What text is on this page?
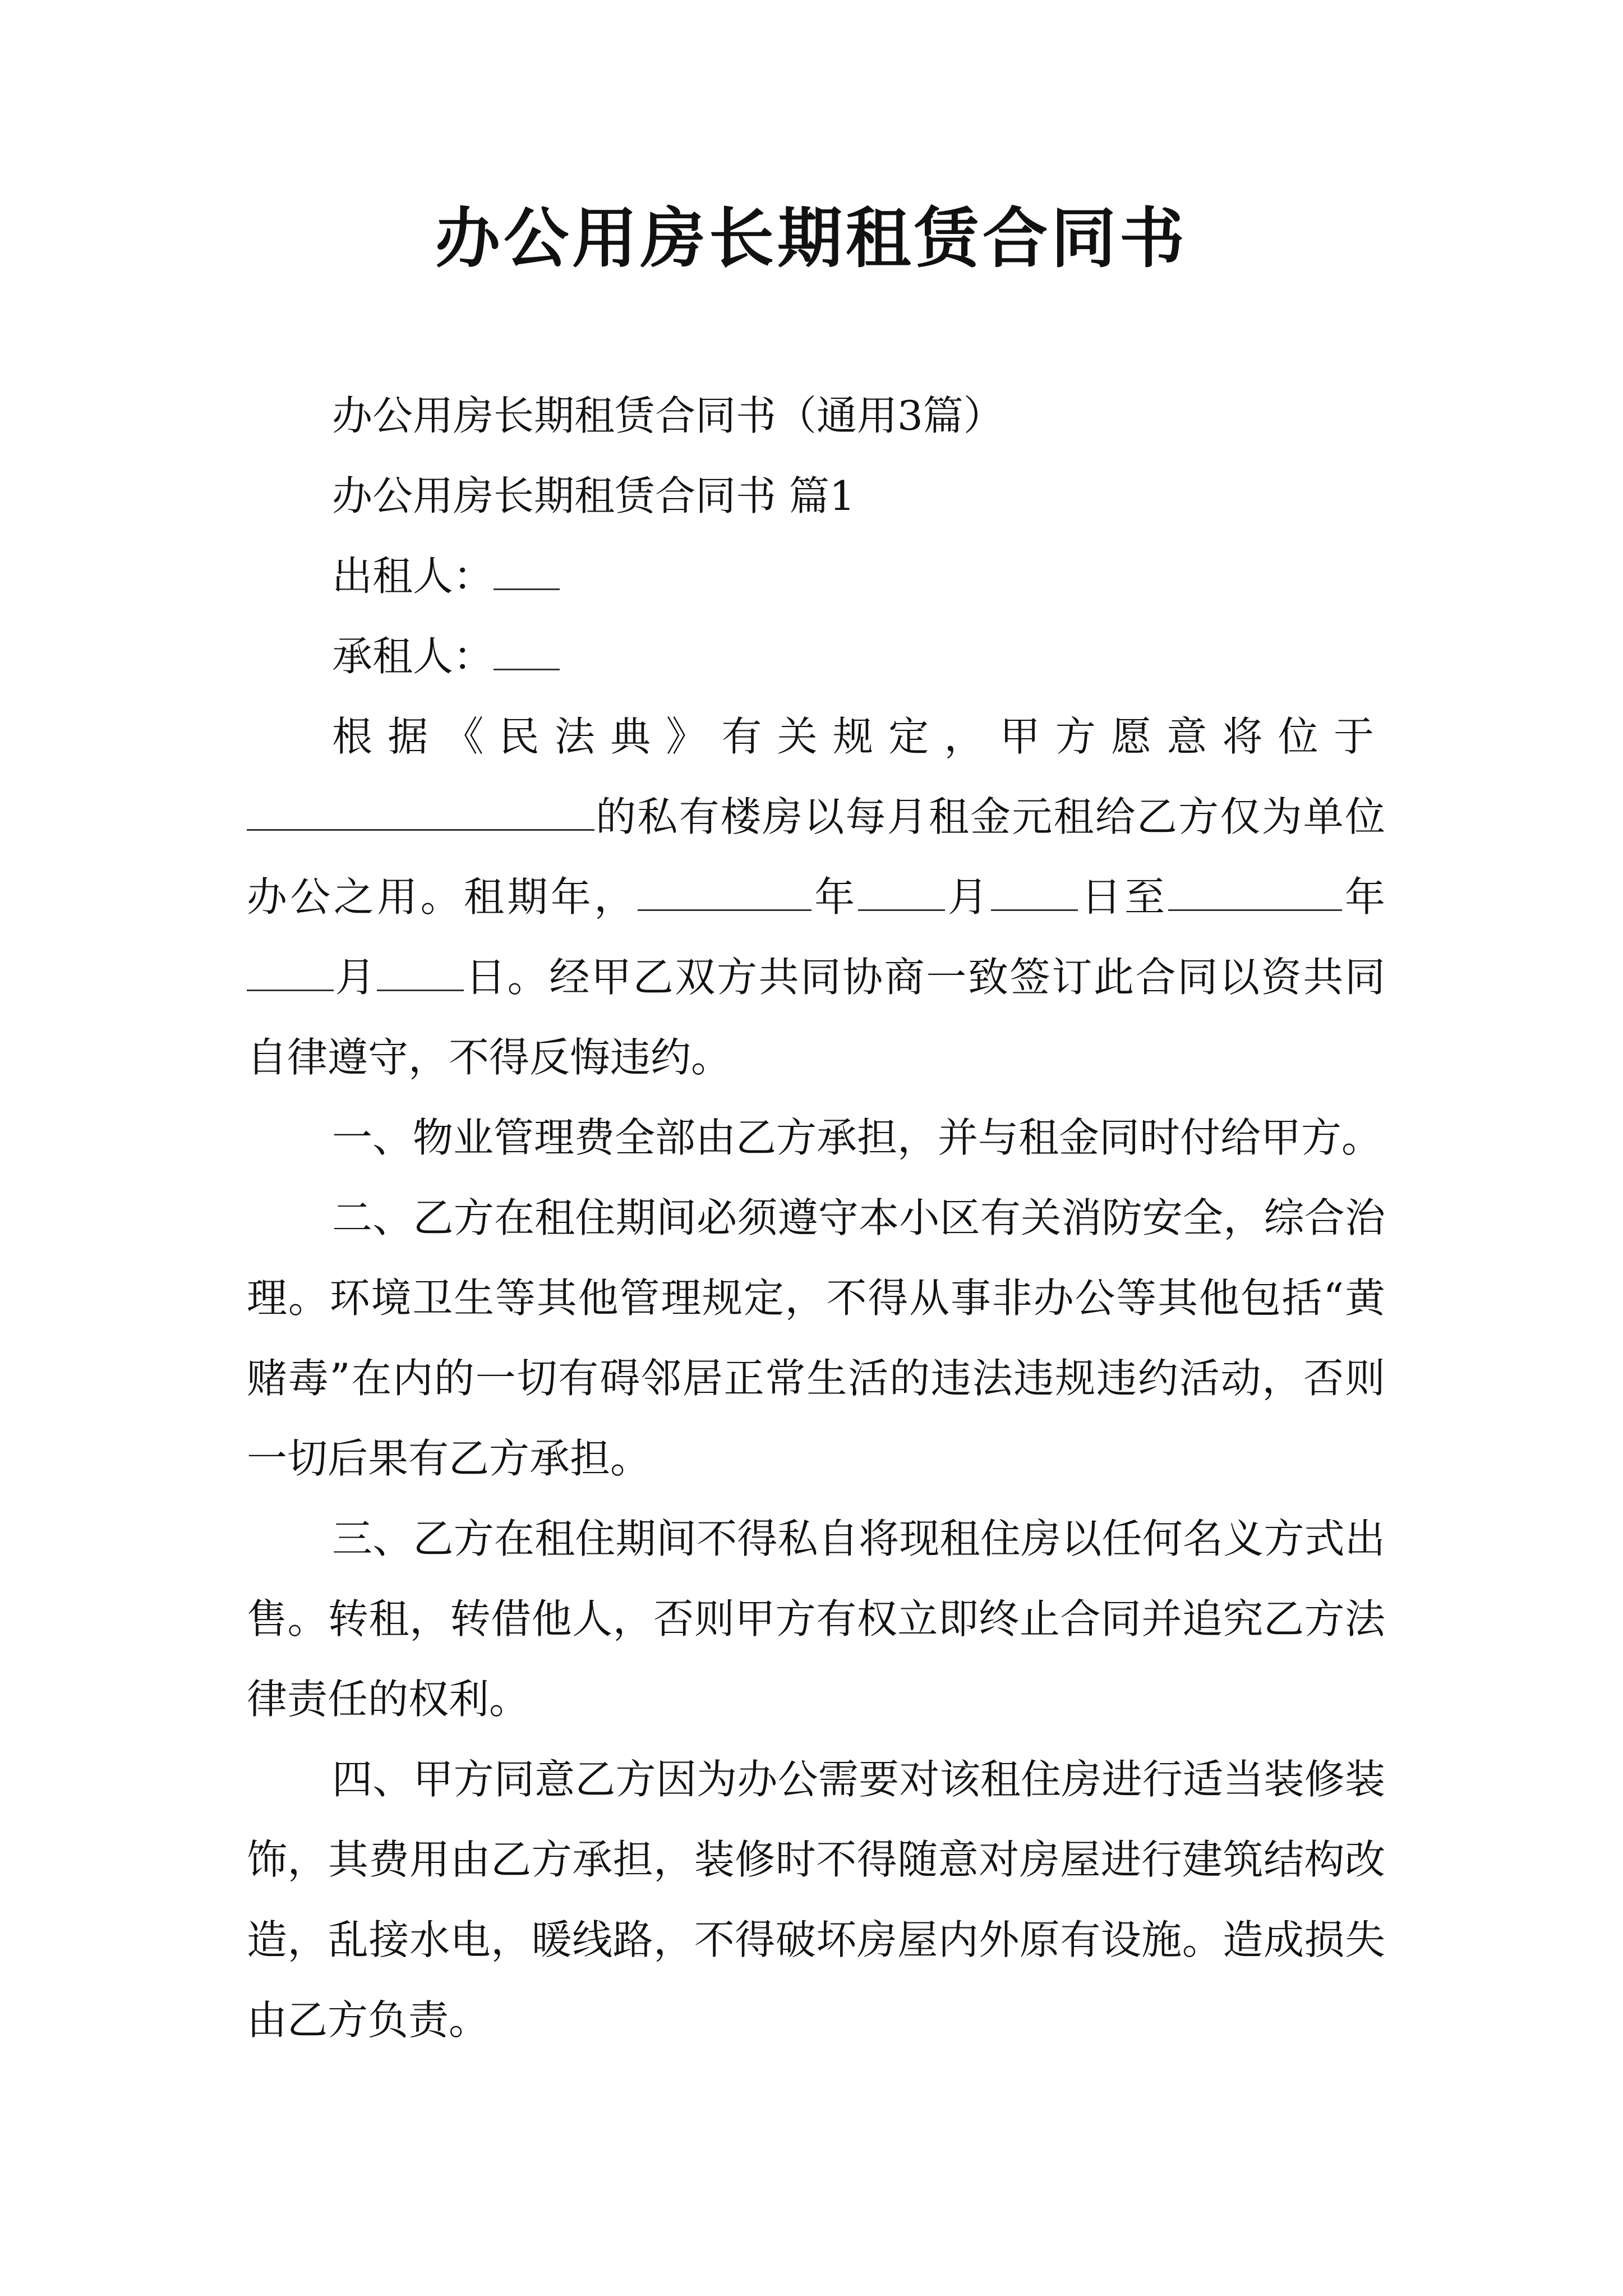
办公用房长期租赁合同书

办公用房长期租赁合同书（通用3篇）

办公用房长期租赁合同书 篇1

出租人：

承租人：

根据《民法典》有关规定，甲方愿意将位于的私有楼房以每月租金元租给乙方仅为单位办公之用。租期年，	年 月 日至	年月 日。经甲乙双方共同协商一致签订此合同以资共同自律遵守，不得反悔违约。

一、物业管理费全部由乙方承担，并与租金同时付给甲方。

二、乙方在租住期间必须遵守本小区有关消防安全，综合治理。环境卫生等其他管理规定，不得从事非办公等其他包括“黄赌毒”在内的一切有碍邻居正常生活的违法违规违约活动，否则一切后果有乙方承担。

三、乙方在租住期间不得私自将现租住房以任何名义方式出售。转租，转借他人，否则甲方有权立即终止合同并追究乙方法律责任的权利。

四、甲方同意乙方因为办公需要对该租住房进行适当装修装饰，其费用由乙方承担，装修时不得随意对房屋进行建筑结构改造，乱接水电，暖线路，不得破坏房屋内外原有设施。造成损失由乙方负责。
